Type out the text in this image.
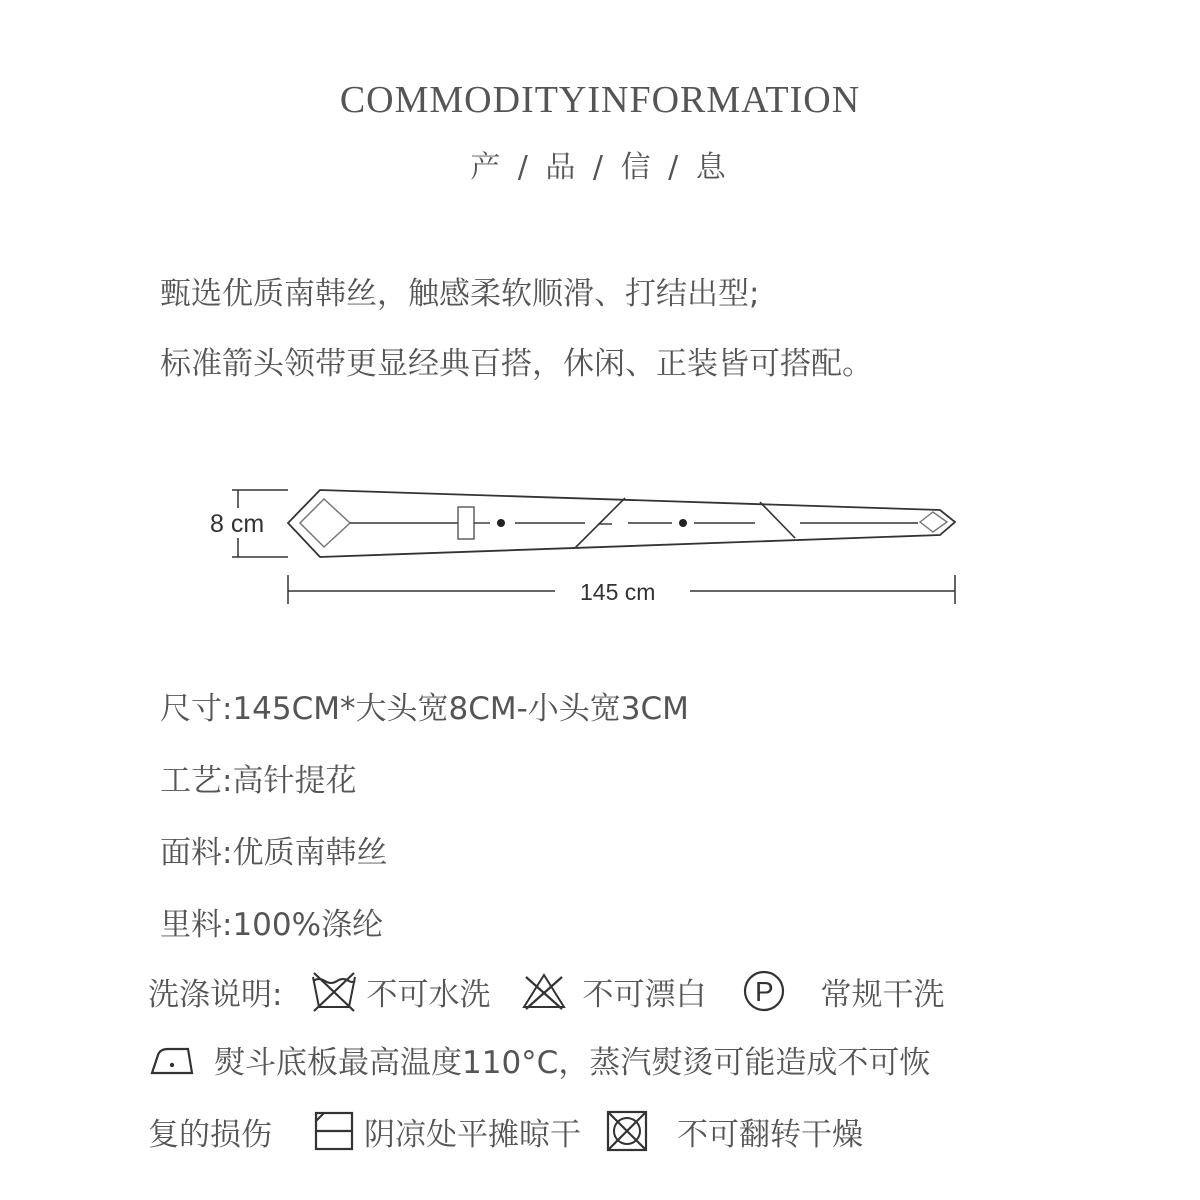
COMMODITYINFORMATION
产 / 品 / 信 / 息
甄选优质南韩丝，触感柔软顺滑、打结出型;
标准箭头领带更显经典百搭，休闲、正装皆可搭配。
8 cm
145 cm
尺寸:145CM*大头宽8CM-小头宽3CM
工艺:高针提花
面料:优质南韩丝
里料:100%涤纶
洗涤说明:	不可水洗	不可漂白 P 常规干洗
熨斗底板最高温度110°C，蒸汽熨烫可能造成不可恢
复的损伤	阴凉处平摊晾干	不可翻转干燥
